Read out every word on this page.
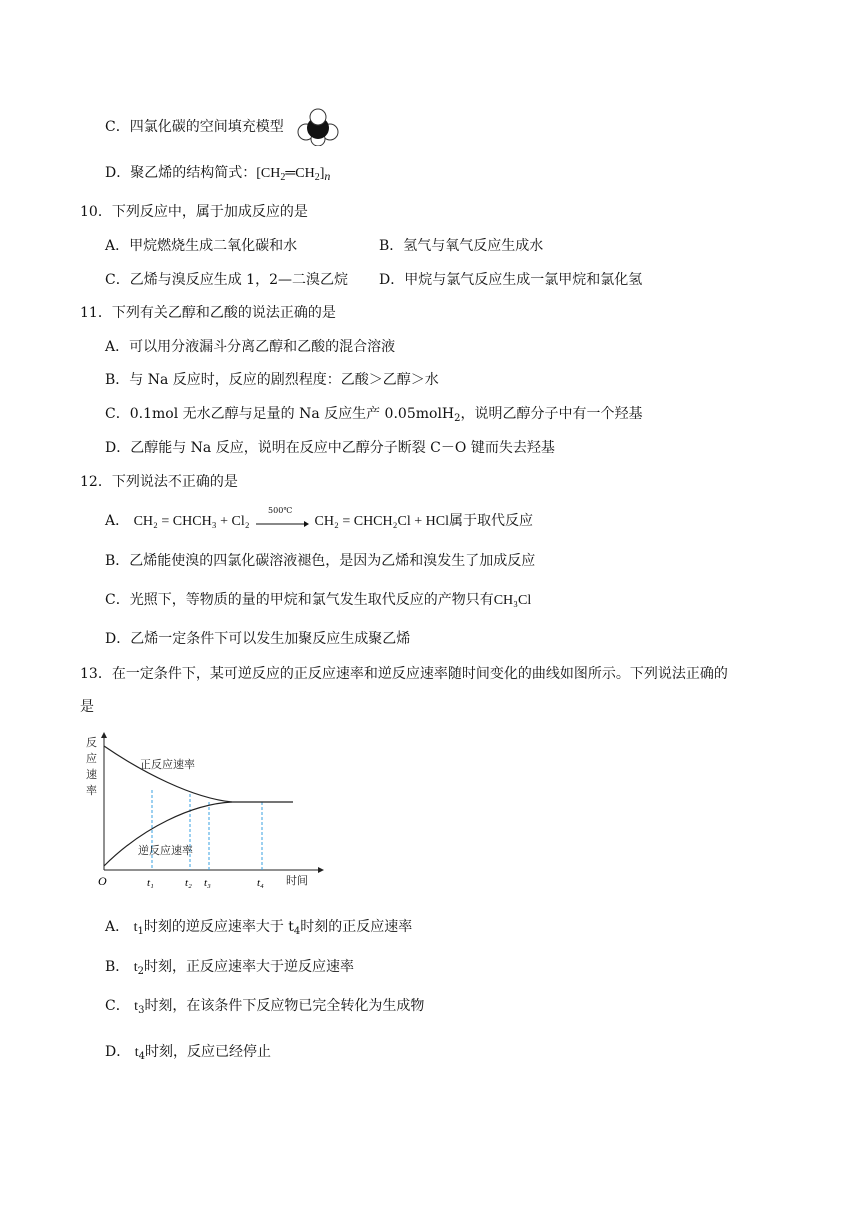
C．四氯化碳的空间填充模型
D．聚乙烯的结构简式：$[CH_2═CH_2]_n$
10．下列反应中，属于加成反应的是
A．甲烷燃烧生成二氧化碳和水	B．氢气与氧气反应生成水
C．乙烯与溴反应生成 1，2—二溴乙烷 D．甲烷与氯气反应生成一氯甲烷和氯化氢
11．下列有关乙醇和乙酸的说法正确的是
A．可以用分液漏斗分离乙醇和乙酸的混合溶液
B．与 Na 反应时，反应的剧烈程度：乙酸＞乙醇＞水
C．0.1mol 无水乙醇与足量的 Na 反应生产 0.05molH$_2$，说明乙醇分子中有一个羟基
D．乙醇能与 Na 反应，说明在反应中乙醇分子断裂 C－O 键而失去羟基
12．下列说法不正确的是
A． CH₂ = CHCH₃ + Cl₂
500℃
CH₂ = CHCH₂Cl + HCl属于取代反应
B．乙烯能使溴的四氯化碳溶液褪色，是因为乙烯和溴发生了加成反应
C．光照下，等物质的量的甲烷和氯气发生取代反应的产物只有CH₃Cl
D．乙烯一定条件下可以发生加聚反应生成聚乙烯
13．在一定条件下，某可逆反应的正反应速率和逆反应速率随时间变化的曲线如图所示。下列说法正确的
是
反
应
速
率
正反应速率
逆反应速率
O	t₁	t₂ t₃	t₄ 时间
A． $t_1$时刻的逆反应速率大于 $t_4$时刻的正反应速率
B． $t_2$时刻，正反应速率大于逆反应速率
C． $t_3$时刻，在该条件下反应物已完全转化为生成物
D． $t_4$时刻，反应已经停止
